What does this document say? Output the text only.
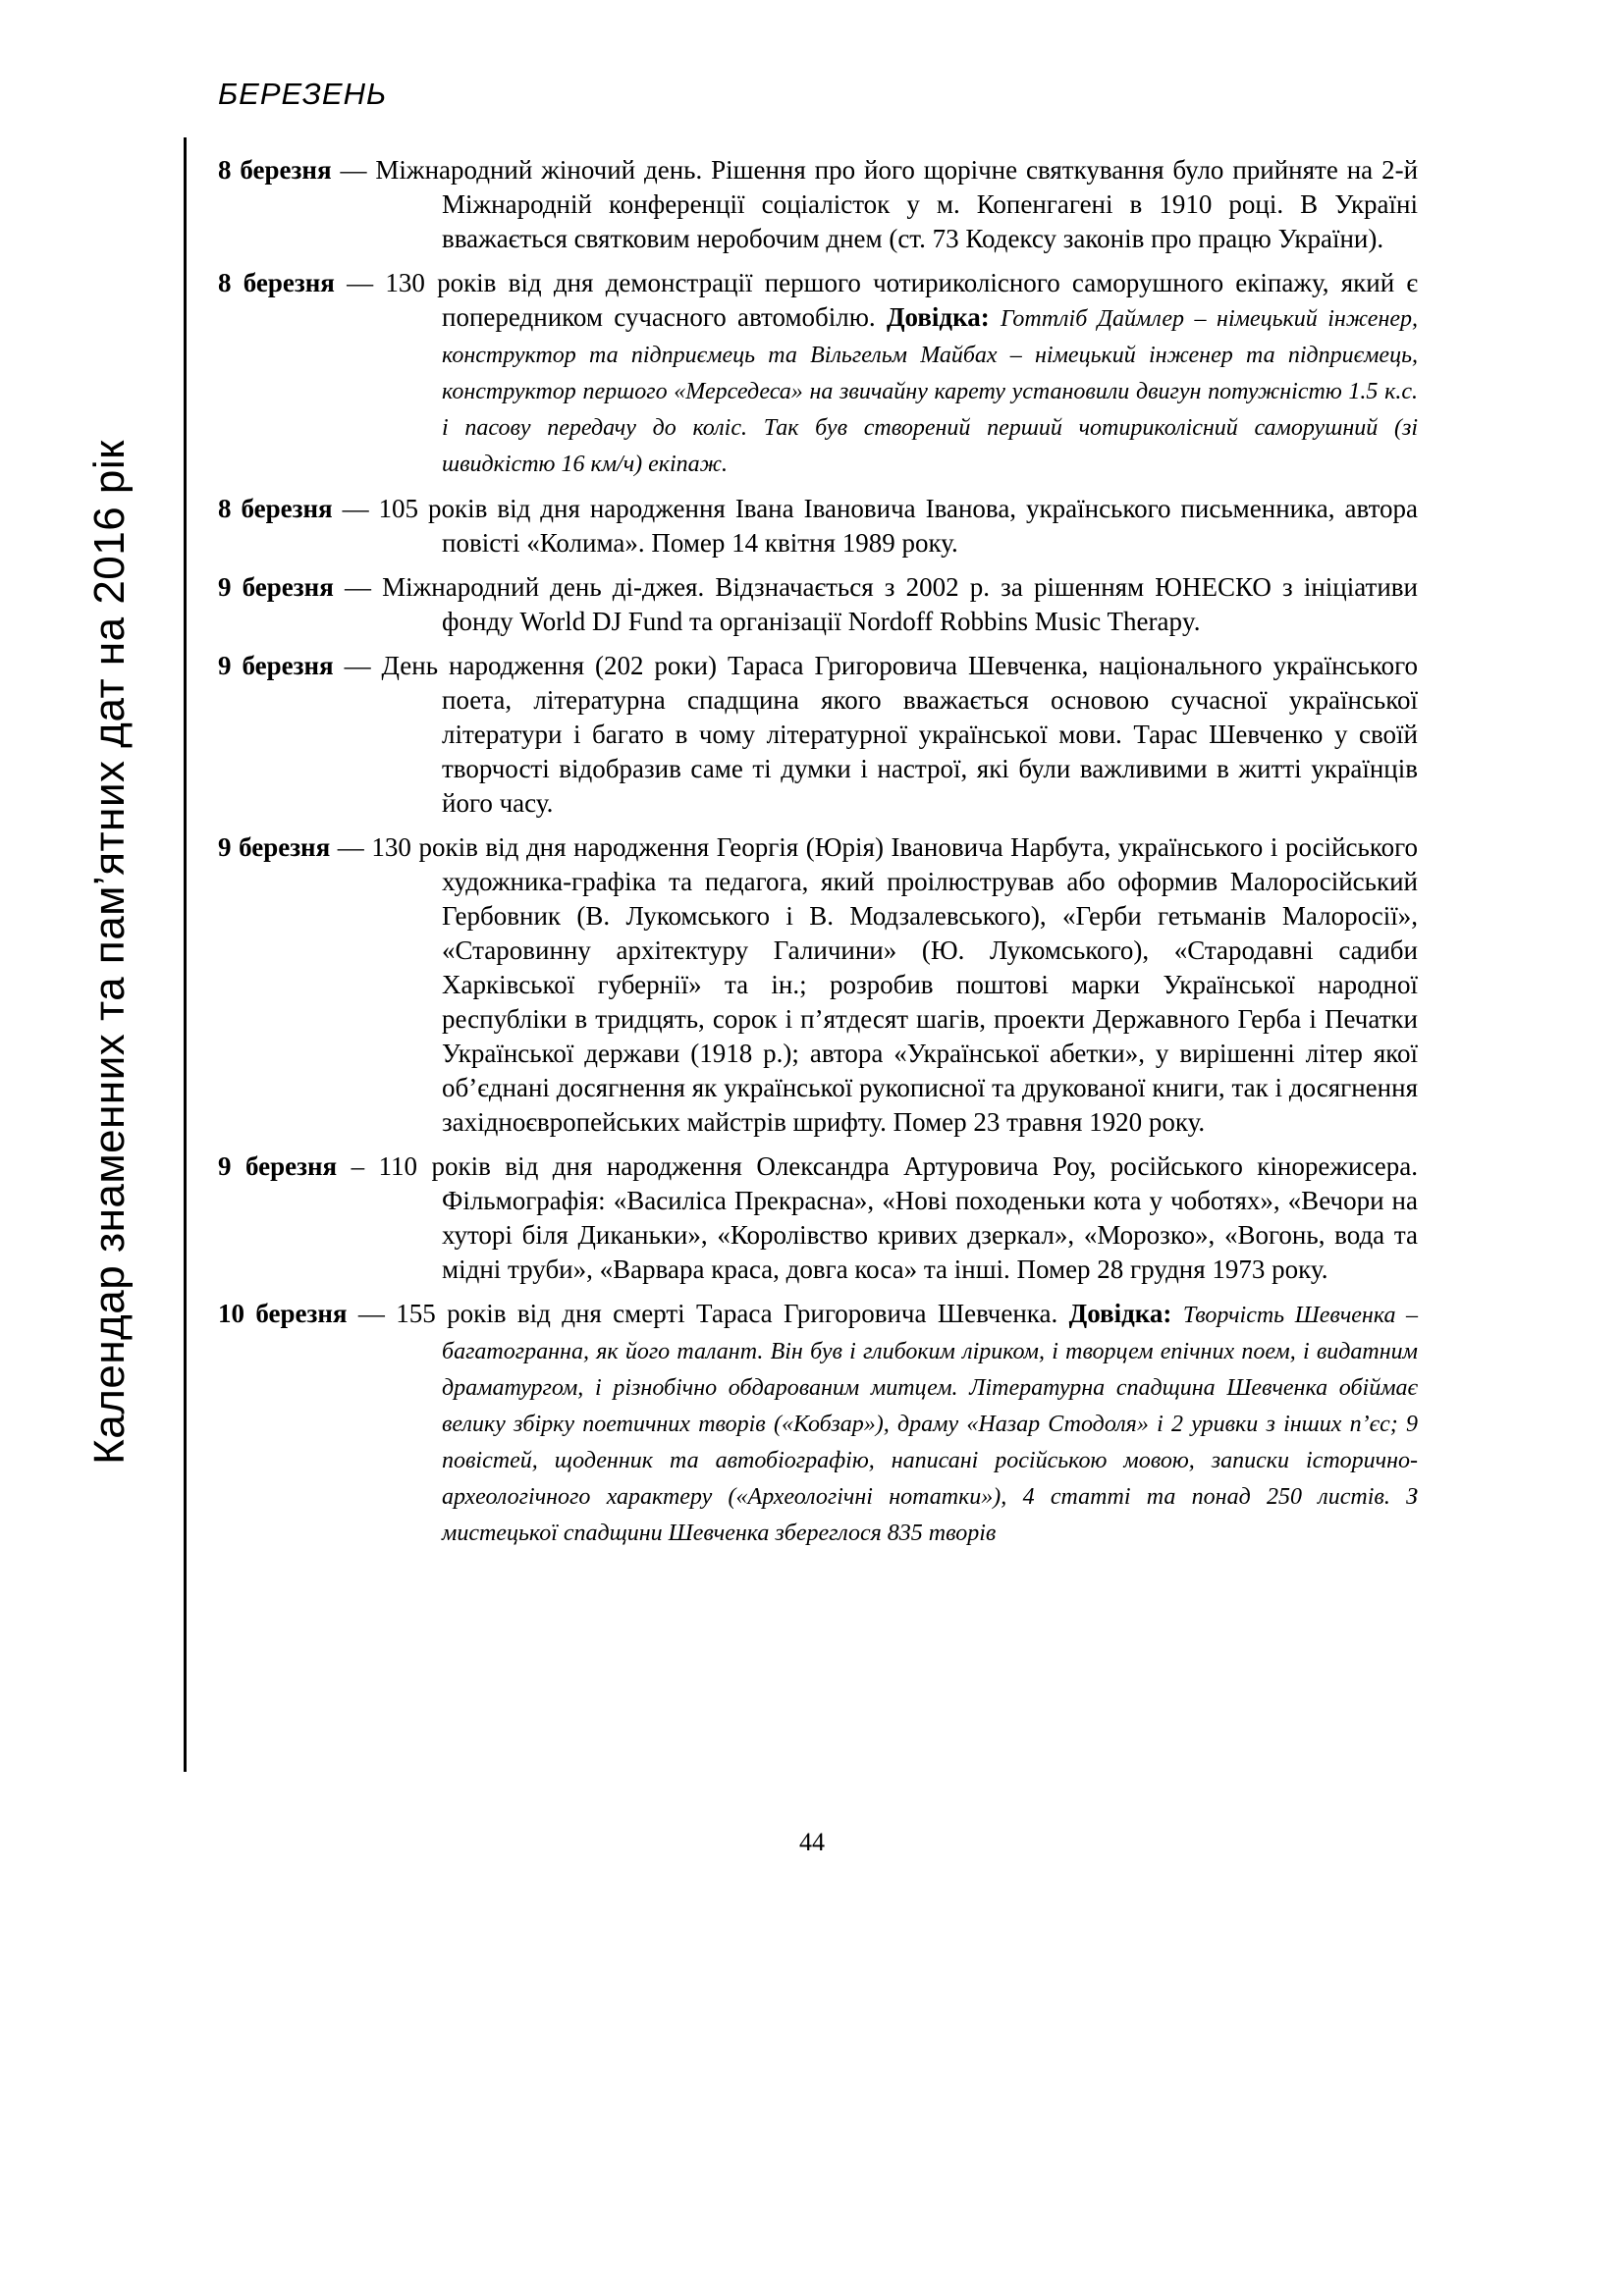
БЕРЕЗЕНЬ
Календар знаменних та пам’ятних дат на 2016 рік

8 березня — Міжнародний жіночий день. Рішення про його щорічне святкування було прийняте на 2-й Міжнародній конференції соціалісток у м. Копенгагені в 1910 році. В Україні вважається святковим неробочим днем (ст. 73 Кодексу законів про працю України).

8 березня — 130 років від дня демонстрації першого чотириколісного саморушного екіпажу, який є попередником сучасного автомобілю. Довідка: Готтліб Даймлер – німецький інженер, конструктор та підприємець та Вільгельм Майбах – німецький інженер та підприємець, конструктор першого «Мерседеса» на звичайну карету установили двигун потужністю 1.5 к.с. і пасову передачу до коліс. Так був створений перший чотириколісний саморушний (зі швидкістю 16 км/ч) екіпаж.

8 березня — 105 років від дня народження Івана Івановича Іванова, українського письменника, автора повісті «Колима». Помер 14 квітня 1989 року.

9 березня — Міжнародний день ді-джея. Відзначається з 2002 р. за рішенням ЮНЕСКО з ініціативи фонду World DJ Fund та організації Nordoff Robbins Music Therapy.

9 березня — День народження (202 роки) Тараса Григоровича Шевченка, національного українського поета, літературна спадщина якого вважається основою сучасної української літератури і багато в чому літературної української мови. Тарас Шевченко у своїй творчості відобразив саме ті думки і настрої, які були важливими в житті українців його часу.

9 березня — 130 років від дня народження Георгія (Юрія) Івановича Нарбута, українського і російського художника-графіка та педагога, який проілюстрував або оформив Малоросійський Гербовник (В. Лукомського і В. Модзалевського), «Герби гетьманів Малоросії», «Старовинну архітектуру Галичини» (Ю. Лукомського), «Стародавні садиби Харківської губернії» та ін.; розробив поштові марки Української народної республіки в тридцять, сорок і п’ятдесят шагів, проекти Державного Герба і Печатки Української держави (1918 р.); автора «Української абетки», у вирішенні літер якої об’єднані досягнення як української рукописної та друкованої книги, так і досягнення західноєвропейських майстрів шрифту. Помер 23 травня 1920 року.

9 березня – 110 років від дня народження Олександра Артуровича Роу, російського кінорежисера. Фільмографія: «Василіса Прекрасна», «Нові походеньки кота у чоботях», «Вечори на хуторі біля Диканьки», «Королівство кривих дзеркал», «Морозко», «Вогонь, вода та мідні труби», «Варвара краса, довга коса» та інші. Помер 28 грудня 1973 року.

10 березня — 155 років від дня смерті Тараса Григоровича Шевченка. Довідка: Творчість Шевченка – багатогранна, як його талант. Він був і глибоким ліриком, і творцем епічних поем, і видатним драматургом, і різнобічно обдарованим митцем. Літературна спадщина Шевченка обіймає велику збірку поетичних творів («Кобзар»), драму «Назар Стодоля» і 2 уривки з інших п’єс; 9 повістей, щоденник та автобіографію, написані російською мовою, записки історично-археологічного характеру («Археологічні нотатки»), 4 статті та понад 250 листів. З мистецької спадщини Шевченка збереглося 835 творів

44
